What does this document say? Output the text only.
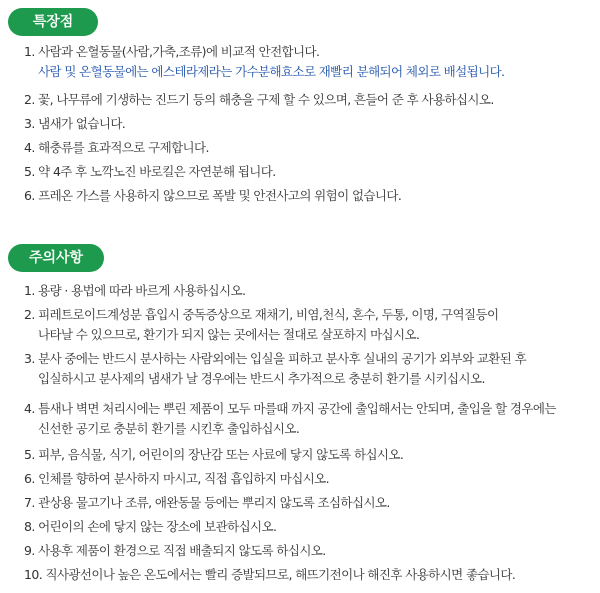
특장점
1. 사람과 온혈동물(사람,가축,조류)에 비교적 안전합니다.
사람 및 온혈동물에는 에스테라제라는 가수분해효소로 재빨리 분해되어 체외로 배설됩니다.
2. 꽃, 나무류에 기생하는 진드기 등의 해충을 구제 할 수 있으며, 흔들어 준 후 사용하십시오.
3. 냄새가 없습니다.
4. 해충류를 효과적으로 구제합니다.
5. 약 4주 후 노깍노진 바로킬은 자연분해 됩니다.
6. 프레온 가스를 사용하지 않으므로 폭발 및 안전사고의 위험이 없습니다.
주의사항
1. 용량 · 용법에 따라 바르게 사용하십시오.
2. 피레트로이드계성분 흡입시 중독증상으로 재채기, 비염,천식, 혼수, 두통, 이명, 구역질등이
나타날 수 있으므로, 환기가 되지 않는 곳에서는 절대로 살포하지 마십시오.
3. 분사 중에는 반드시 분사하는 사람외에는 입실을 피하고 분사후 실내의 공기가 외부와 교환된 후
입실하시고 분사제의 냄새가 날 경우에는 반드시 추가적으로 충분히 환기를 시키십시오.
4. 틈새나 벽면 처리시에는 뿌린 제품이 모두 마를때 까지 공간에 출입해서는 안되며, 출입을 할 경우에는
신선한 공기로 충분히 환기를 시킨후 출입하십시오.
5. 피부, 음식물, 식기, 어린이의 장난감 또는 사료에 닿지 않도록 하십시오.
6. 인체를 향하여 분사하지 마시고, 직접 흡입하지 마십시오.
7. 관상용 물고기나 조류, 애완동물 등에는 뿌리지 않도록 조심하십시오.
8. 어린이의 손에 닿지 않는 장소에 보관하십시오.
9. 사용후 제품이 환경으로 직접 배출되지 않도록 하십시오.
10. 직사광선이나 높은 온도에서는 빨리 증발되므로, 해뜨기전이나 해진후 사용하시면 좋습니다.
